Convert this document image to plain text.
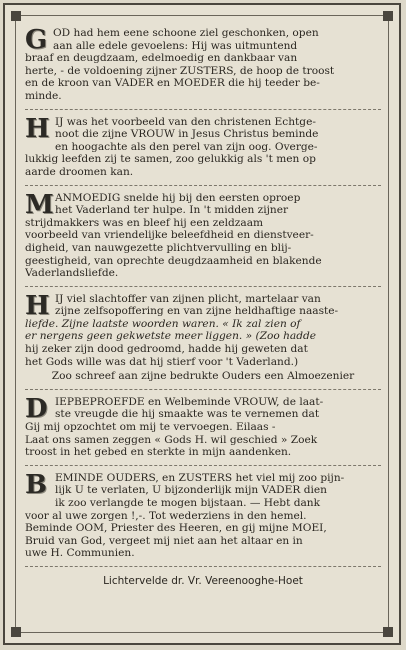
G OD had hem eene schoone ziel geschonken, open
aan alle edele gevoelens: Hij was uitmuntend
braaf en deugdzaam, edelmoedig en dankbaar van
herte, - de voldoening zijner ZUSTERS, de hoop de troost
en de kroon van VADER en MOEDER die hij teeder be-
minde.
H IJ was het voorbeeld van den christenen Echtge-
noot die zijne VROUW in Jesus Christus beminde
en hoogachte als den perel van zijn oog. Overge-
lukkig leefden zij te samen, zoo gelukkig als 't men op
aarde droomen kan.
M ANMOEDIG snelde hij bij den eersten oproep
het Vaderland ter hulpe. In 't midden zijner
strijdmakkers was en bleef hij een zeldzaam
voorbeeld van vriendelijke beleefdheid en dienstveer-
digheid, van nauwgezette plichtvervulling en blij-
geestigheid, van oprechte deugdzaamheid en blakende
Vaderlandsliefde.
H IJ viel slachtoffer van zijnen plicht, martelaar van
zijne zelfsopoffering en van zijne heldhaftige naaste-
liefde. Zijne laatste woorden waren. « Ik zal zien of
er nergens geen gekwetste meer liggen. » (Zoo hadde
hij zeker zijn dood gedroomd, hadde hij geweten dat
het Gods wille was dat hij stierf voor 't Vaderland.)
Zoo schreef aan zijne bedrukte Ouders een Almoezenier
D IEPBEPROEFDE en Welbeminde VROUW, de laat-
ste vreugde die hij smaakte was te vernemen dat
Gij mij opzochtet om mij te vervoegen. Eilaas -
Laat ons samen zeggen « Gods H. wil geschied » Zoek
troost in het gebed en sterkte in mijn aandenken.
B EMINDE OUDERS, en ZUSTERS het viel mij zoo pijn-
lijk U te verlaten, U bijzonderlijk mijn VADER dien
ik zoo verlangde te mogen bijstaan. — Hebt dank
voor al uwe zorgen !,-. Tot wederziens in den hemel.
Beminde OOM, Priester des Heeren, en gij mijne MOEI,
Bruid van God, vergeet mij niet aan het altaar en in
uwe H. Communien.
Lichtervelde dr. Vr. Vereenooghe-Hoet
